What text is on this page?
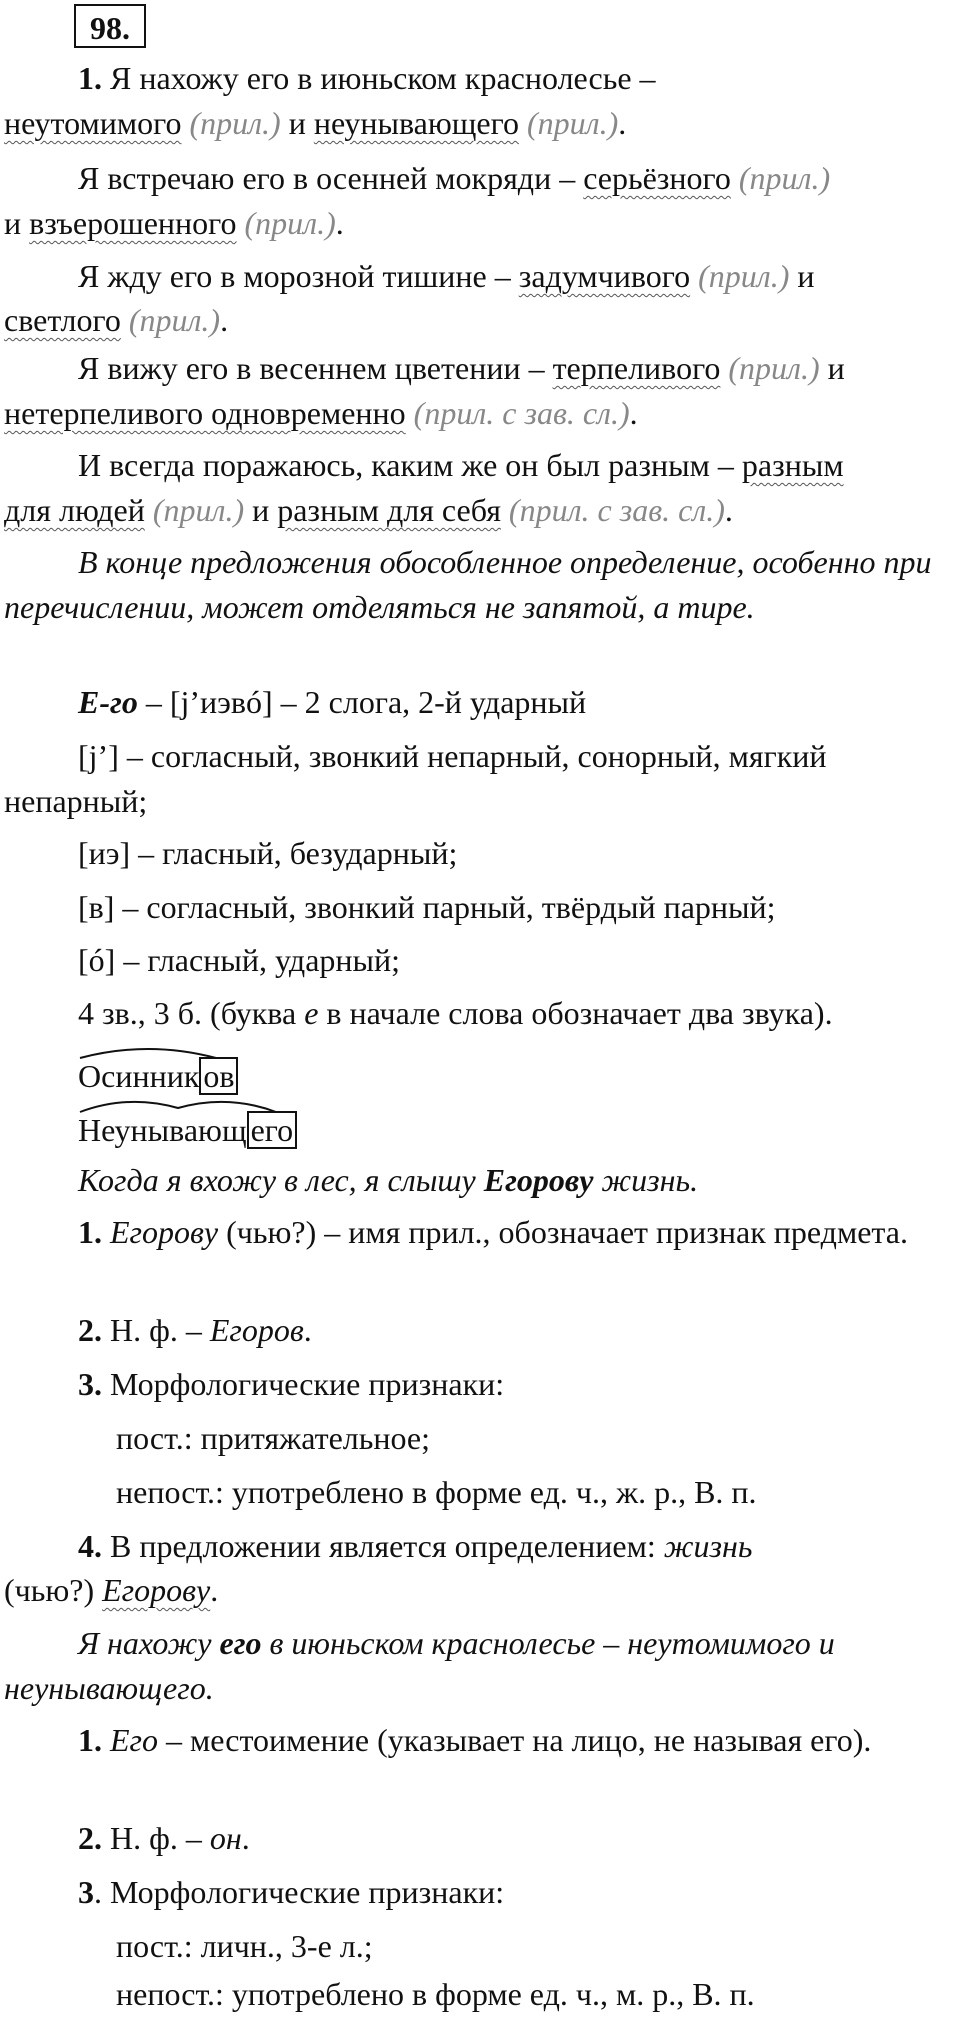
98.
1. Я нахожу его в июньском краснолесье –
неутомимого (прил.) и неунывающего (прил.).
Я встречаю его в осенней мокряди – серьёзного (прил.)
и взъерошенного (прил.).
Я жду его в морозной тишине – задумчивого (прил.) и
светлого (прил.).
Я вижу его в весеннем цветении – терпеливого (прил.) и
нетерпеливого одновременно (прил. с зав. сл.).
И всегда поражаюсь, каким же он был разным – разным
для людей (прил.) и разным для себя (прил. с зав. сл.).
В конце предложения обособленное определение, особенно при перечислении, может отделяться не запятой, а тире.
Е-го – [j’иэвó] – 2 слога, 2-й ударный
[j’] – согласный, звонкий непарный, сонорный, мягкий непарный;
[иэ] – гласный, безударный;
[в] – согласный, звонкий парный, твёрдый парный;
[ó] – гласный, ударный;
4 зв., 3 б. (буква е в начале слова обозначает два звука).
Осинник ов
Неунывающ его
Когда я вхожу в лес, я слышу Егорову жизнь.
1. Егорову (чью?) – имя прил., обозначает признак предмета.
2. Н. ф. – Егоров.
3. Морфологические признаки:
пост.: притяжательное;
непост.: употреблено в форме ед. ч., ж. р., В. п.
4. В предложении является определением: жизнь
(чью?) Егорову.
Я нахожу его в июньском краснолесье – неутомимого и неунывающего.
1. Его – местоимение (указывает на лицо, не называя его).
2. Н. ф. – он.
3. Морфологические признаки:
пост.: личн., 3-е л.;
непост.: употреблено в форме ед. ч., м. р., В. п.
